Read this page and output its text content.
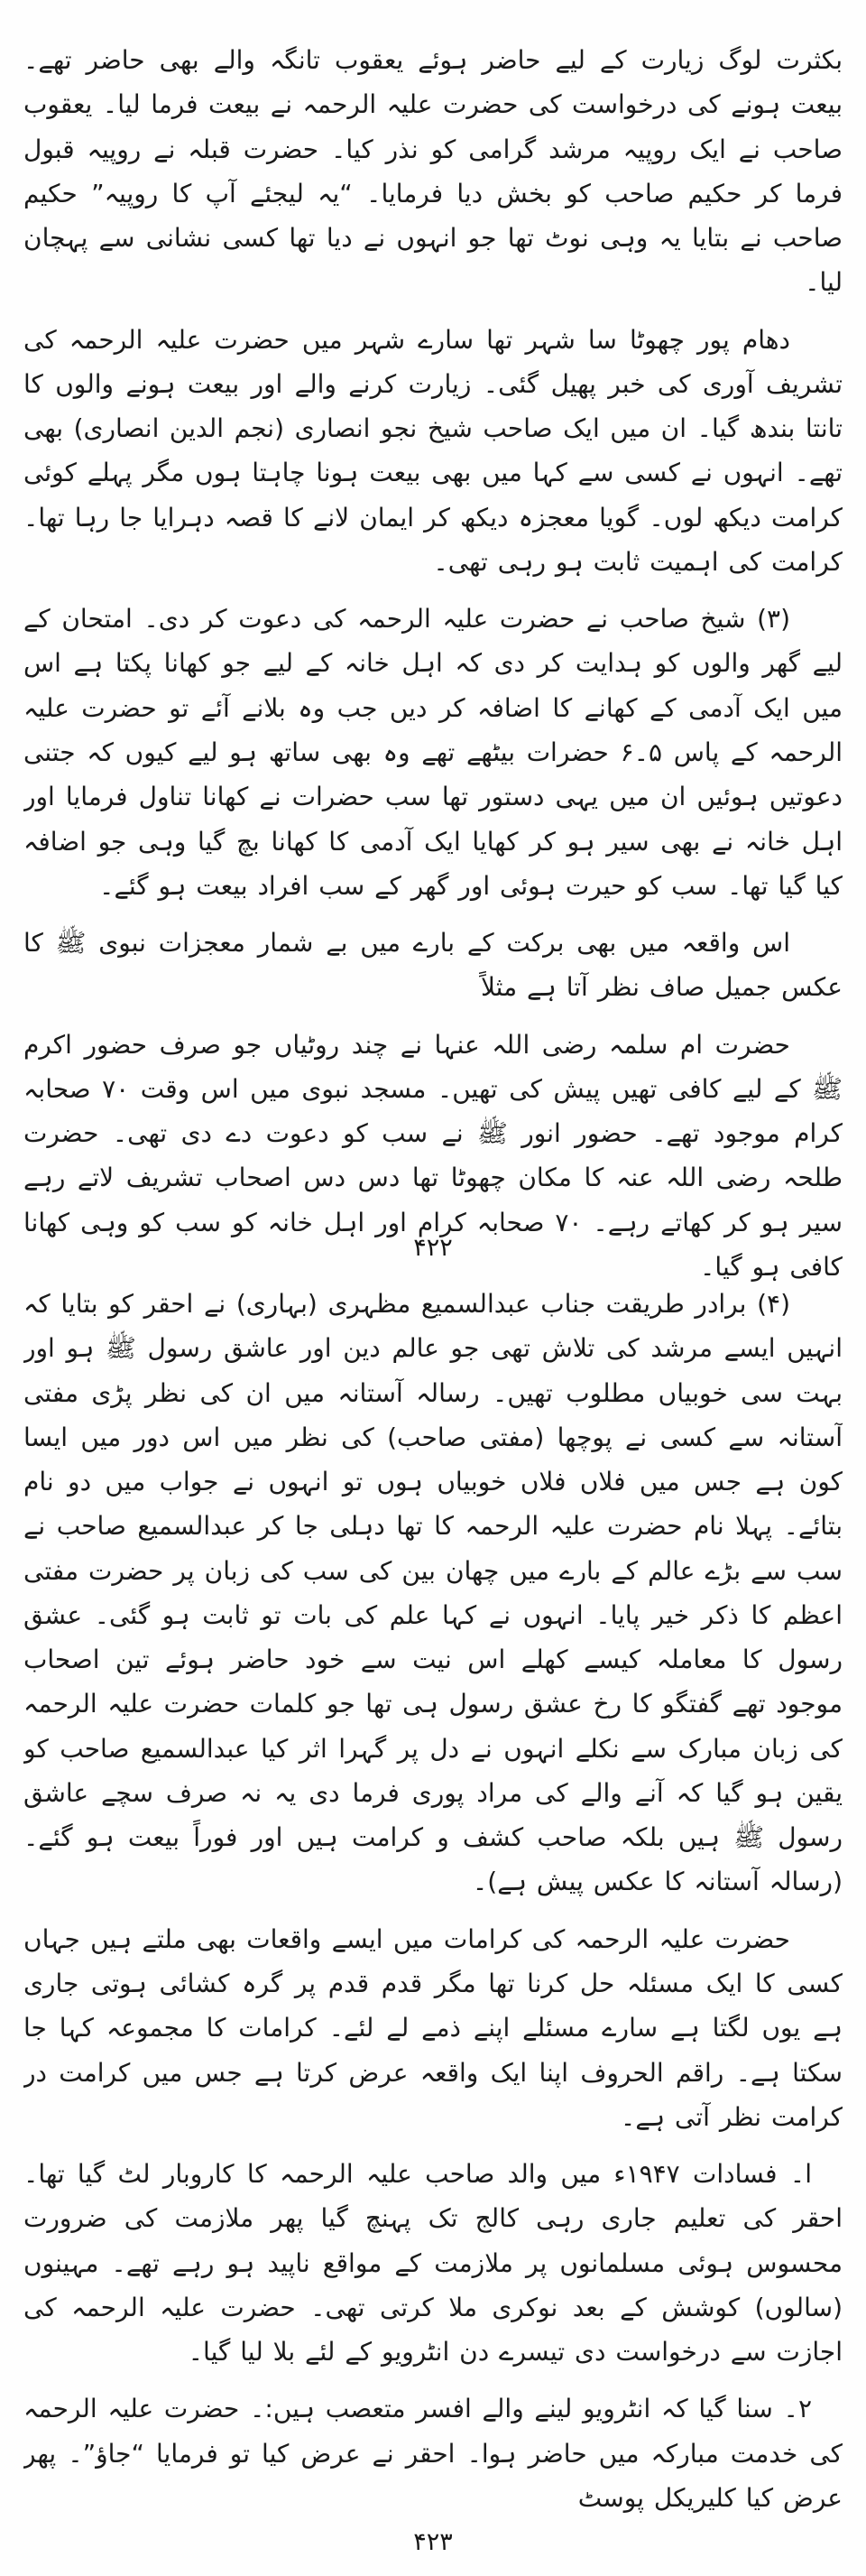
بکثرت لوگ زیارت کے لیے حاضر ہوئے یعقوب تانگہ والے بھی حاضر تھے۔ بیعت ہونے کی درخواست کی حضرت علیہ الرحمہ نے بیعت فرما لیا۔ یعقوب صاحب نے ایک روپیہ مرشد گرامی کو نذر کیا۔ حضرت قبلہ نے روپیہ قبول فرما کر حکیم صاحب کو بخش دیا فرمایا۔ “یہ لیجئے آپ کا روپیہ” حکیم صاحب نے بتایا یہ وہی نوٹ تھا جو انہوں نے دیا تھا کسی نشانی سے پہچان لیا۔

دھام پور چھوٹا سا شہر تھا سارے شہر میں حضرت علیہ الرحمہ کی تشریف آوری کی خبر پھیل گئی۔ زیارت کرنے والے اور بیعت ہونے والوں کا تانتا بندھ گیا۔ ان میں ایک صاحب شیخ نجو انصاری (نجم الدین انصاری) بھی تھے۔ انہوں نے کسی سے کہا میں بھی بیعت ہونا چاہتا ہوں مگر پہلے کوئی کرامت دیکھ لوں۔ گویا معجزہ دیکھ کر ایمان لانے کا قصہ دہرایا جا رہا تھا۔ کرامت کی اہمیت ثابت ہو رہی تھی۔

(۳) شیخ صاحب نے حضرت علیہ الرحمہ کی دعوت کر دی۔ امتحان کے لیے گھر والوں کو ہدایت کر دی کہ اہل خانہ کے لیے جو کھانا پکتا ہے اس میں ایک آدمی کے کھانے کا اضافہ کر دیں جب وہ بلانے آئے تو حضرت علیہ الرحمہ کے پاس ۵۔۶ حضرات بیٹھے تھے وہ بھی ساتھ ہو لیے کیوں کہ جتنی دعوتیں ہوئیں ان میں یہی دستور تھا سب حضرات نے کھانا تناول فرمایا اور اہل خانہ نے بھی سیر ہو کر کھایا ایک آدمی کا کھانا بچ گیا وہی جو اضافہ کیا گیا تھا۔ سب کو حیرت ہوئی اور گھر کے سب افراد بیعت ہو گئے۔

اس واقعہ میں بھی برکت کے بارے میں بے شمار معجزات نبوی ﷺ کا عکس جمیل صاف نظر آتا ہے مثلاً

حضرت ام سلمہ رضی اللہ عنہا نے چند روٹیاں جو صرف حضور اکرم ﷺ کے لیے کافی تھیں پیش کی تھیں۔ مسجد نبوی میں اس وقت ۷۰ صحابہ کرام موجود تھے۔ حضور انور ﷺ نے سب کو دعوت دے دی تھی۔ حضرت طلحہ رضی اللہ عنہ کا مکان چھوٹا تھا دس دس اصحاب تشریف لاتے رہے سیر ہو کر کھاتے رہے۔ ۷۰ صحابہ کرام اور اہل خانہ کو سب کو وہی کھانا کافی ہو گیا۔

۴۲۲

(۴) برادر طریقت جناب عبدالسمیع مظہری (بہاری) نے احقر کو بتایا کہ انہیں ایسے مرشد کی تلاش تھی جو عالم دین اور عاشق رسول ﷺ ہو اور بہت سی خوبیاں مطلوب تھیں۔ رسالہ آستانہ میں ان کی نظر پڑی مفتی آستانہ سے کسی نے پوچھا (مفتی صاحب) کی نظر میں اس دور میں ایسا کون ہے جس میں فلاں فلاں خوبیاں ہوں تو انہوں نے جواب میں دو نام بتائے۔ پہلا نام حضرت علیہ الرحمہ کا تھا دہلی جا کر عبدالسمیع صاحب نے سب سے بڑے عالم کے بارے میں چھان بین کی سب کی زبان پر حضرت مفتی اعظم کا ذکر خیر پایا۔ انہوں نے کہا علم کی بات تو ثابت ہو گئی۔ عشق رسول کا معاملہ کیسے کھلے اس نیت سے خود حاضر ہوئے تین اصحاب موجود تھے گفتگو کا رخ عشق رسول ہی تھا جو کلمات حضرت علیہ الرحمہ کی زبان مبارک سے نکلے انہوں نے دل پر گہرا اثر کیا عبدالسمیع صاحب کو یقین ہو گیا کہ آنے والے کی مراد پوری فرما دی یہ نہ صرف سچے عاشق رسول ﷺ ہیں بلکہ صاحب کشف و کرامت ہیں اور فوراً بیعت ہو گئے۔ (رسالہ آستانہ کا عکس پیش ہے)۔

حضرت علیہ الرحمہ کی کرامات میں ایسے واقعات بھی ملتے ہیں جہاں کسی کا ایک مسئلہ حل کرنا تھا مگر قدم قدم پر گرہ کشائی ہوتی جاری ہے یوں لگتا ہے سارے مسئلے اپنے ذمے لے لئے۔ کرامات کا مجموعہ کہا جا سکتا ہے۔ راقم الحروف اپنا ایک واقعہ عرض کرتا ہے جس میں کرامت در کرامت نظر آتی ہے۔

ا۔ فسادات ۱۹۴۷ء میں والد صاحب علیہ الرحمہ کا کاروبار لٹ گیا تھا۔ احقر کی تعلیم جاری رہی کالج تک پہنچ گیا پھر ملازمت کی ضرورت محسوس ہوئی مسلمانوں پر ملازمت کے مواقع ناپید ہو رہے تھے۔ مہینوں (سالوں) کوشش کے بعد نوکری ملا کرتی تھی۔ حضرت علیہ الرحمہ کی اجازت سے درخواست دی تیسرے دن انٹرویو کے لئے بلا لیا گیا۔

۲۔ سنا گیا کہ انٹرویو لینے والے افسر متعصب ہیں:۔ حضرت علیہ الرحمہ کی خدمت مبارکہ میں حاضر ہوا۔ احقر نے عرض کیا تو فرمایا “جاؤ”۔ پھر عرض کیا کلیریکل پوسٹ

۴۲۳
